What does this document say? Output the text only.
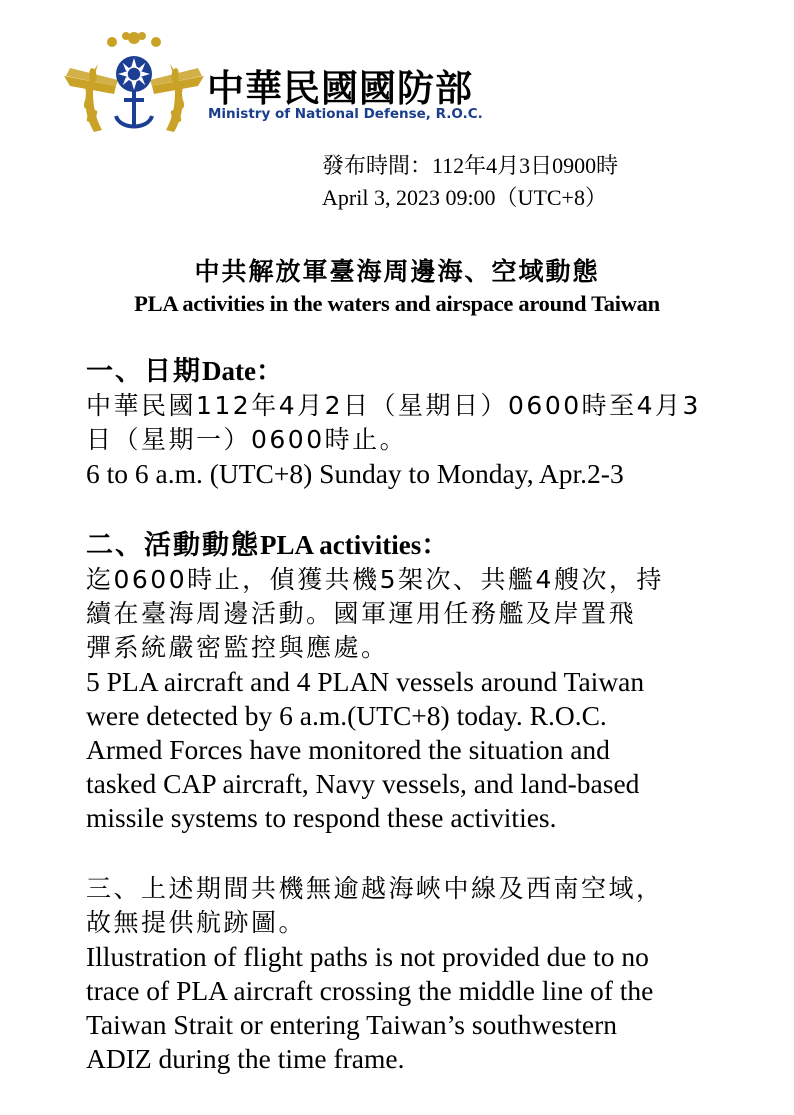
中華民國國防部
Ministry of National Defense, R.O.C.
發布時間：112年4月3日0900時
April 3, 2023 09:00（UTC+8）
中共解放軍臺海周邊海、空域動態
PLA activities in the waters and airspace around Taiwan
一、日期Date：
中華民國112年4月2日（星期日）0600時至4月3
日（星期一）0600時止。
6 to 6 a.m. (UTC+8) Sunday to Monday, Apr.2-3
二、活動動態PLA activities：
迄0600時止，偵獲共機5架次、共艦4艘次，持
續在臺海周邊活動。國軍運用任務艦及岸置飛
彈系統嚴密監控與應處。
5 PLA aircraft and 4 PLAN vessels around Taiwan
were detected by 6 a.m.(UTC+8) today. R.O.C.
Armed Forces have monitored the situation and
tasked CAP aircraft, Navy vessels, and land-based
missile systems to respond these activities.
三、上述期間共機無逾越海峽中線及西南空域，
故無提供航跡圖。
Illustration of flight paths is not provided due to no
trace of PLA aircraft crossing the middle line of the
Taiwan Strait or entering Taiwan’s southwestern
ADIZ during the time frame.
